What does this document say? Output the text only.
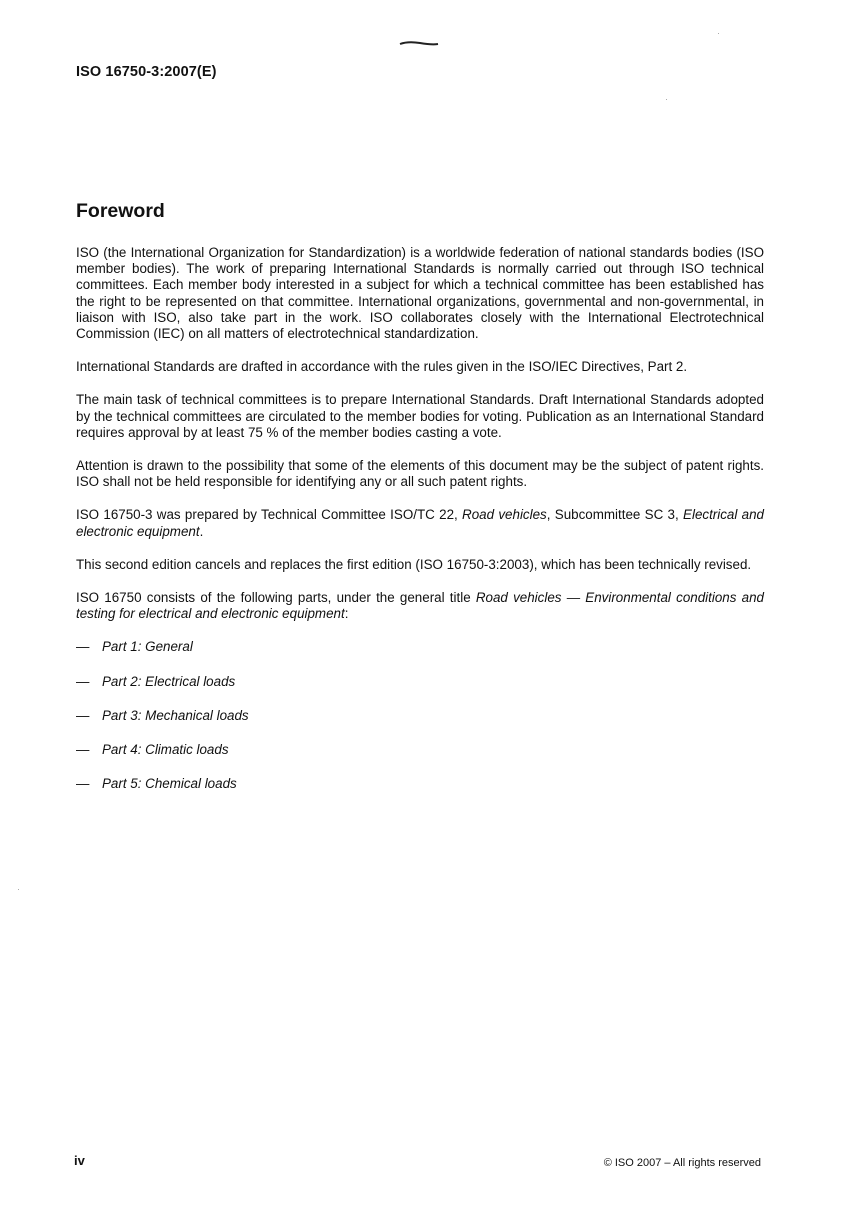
ISO 16750-3:2007(E)
Foreword

ISO (the International Organization for Standardization) is a worldwide federation of national standards bodies (ISO member bodies). The work of preparing International Standards is normally carried out through ISO technical committees. Each member body interested in a subject for which a technical committee has been established has the right to be represented on that committee. International organizations, governmental and non-governmental, in liaison with ISO, also take part in the work. ISO collaborates closely with the International Electrotechnical Commission (IEC) on all matters of electrotechnical standardization.

International Standards are drafted in accordance with the rules given in the ISO/IEC Directives, Part 2.

The main task of technical committees is to prepare International Standards. Draft International Standards adopted by the technical committees are circulated to the member bodies for voting. Publication as an International Standard requires approval by at least 75 % of the member bodies casting a vote.

Attention is drawn to the possibility that some of the elements of this document may be the subject of patent rights. ISO shall not be held responsible for identifying any or all such patent rights.

ISO 16750-3 was prepared by Technical Committee ISO/TC 22, Road vehicles, Subcommittee SC 3, Electrical and electronic equipment.

This second edition cancels and replaces the first edition (ISO 16750-3:2003), which has been technically revised.

ISO 16750 consists of the following parts, under the general title Road vehicles — Environmental conditions and testing for electrical and electronic equipment:

— Part 1: General
— Part 2: Electrical loads
— Part 3: Mechanical loads
— Part 4: Climatic loads
— Part 5: Chemical loads
iv	© ISO 2007 – All rights reserved
